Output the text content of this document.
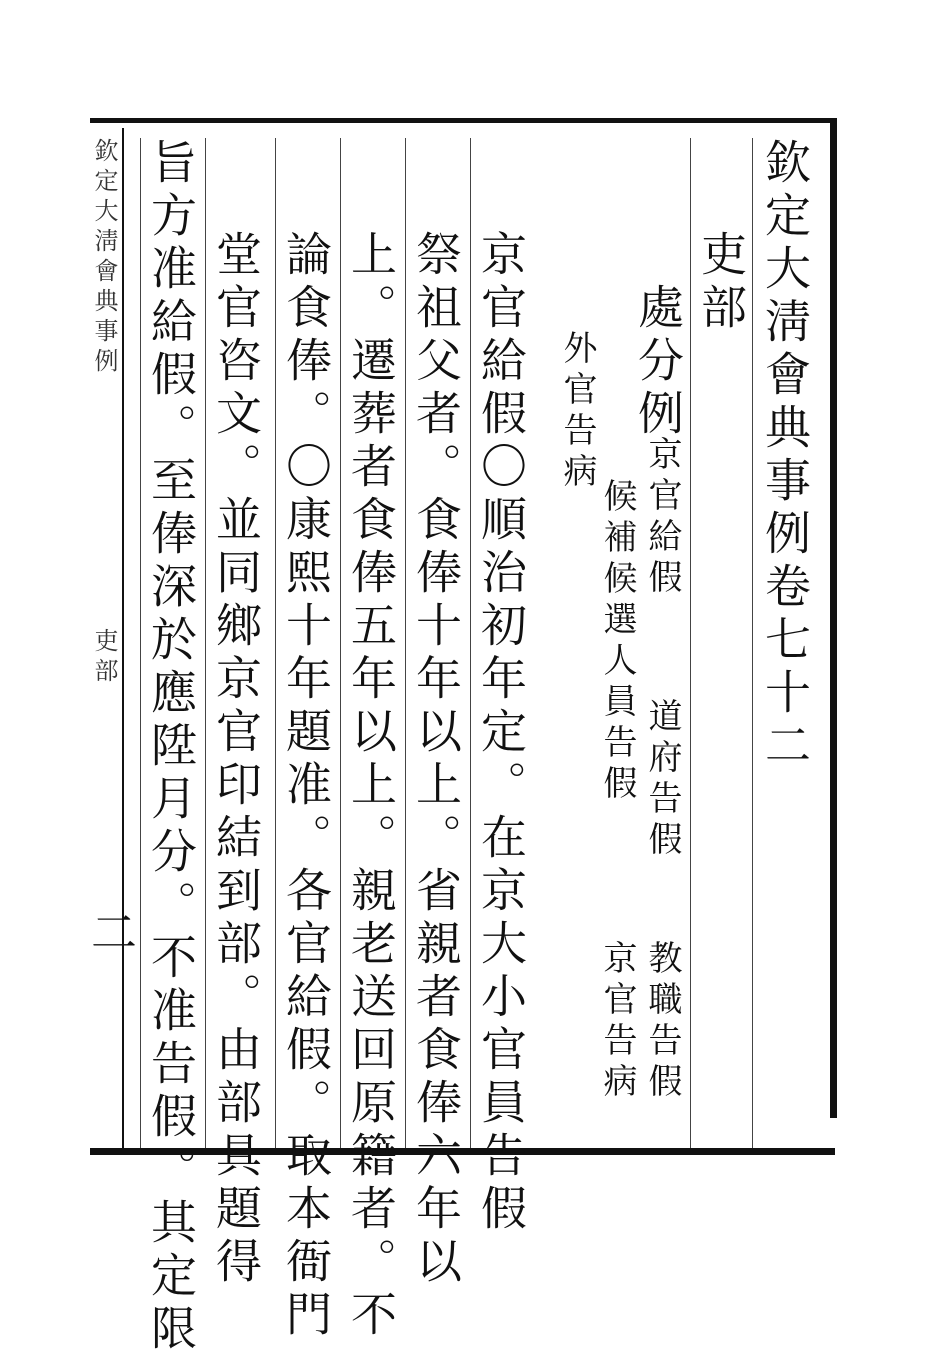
欽定大淸會典事例卷七十二
吏部
處分例
京官給假
道府告假
教職告假
候補候選人員告假
京官告病
外官告病
京官給假〇順治初年定。在京大小官員告假
祭祖父者。食俸十年以上。省親者食俸六年以
上。遷葬者食俸五年以上。親老送回原籍者。不
論食俸。〇康熙十年題准。各官給假。取本衙門
堂官咨文。並同鄉京官印結到部。由部具題得
旨方准給假。至俸深於應陞月分。不准告假。其定限
欽定大淸會典事例
吏部
二
